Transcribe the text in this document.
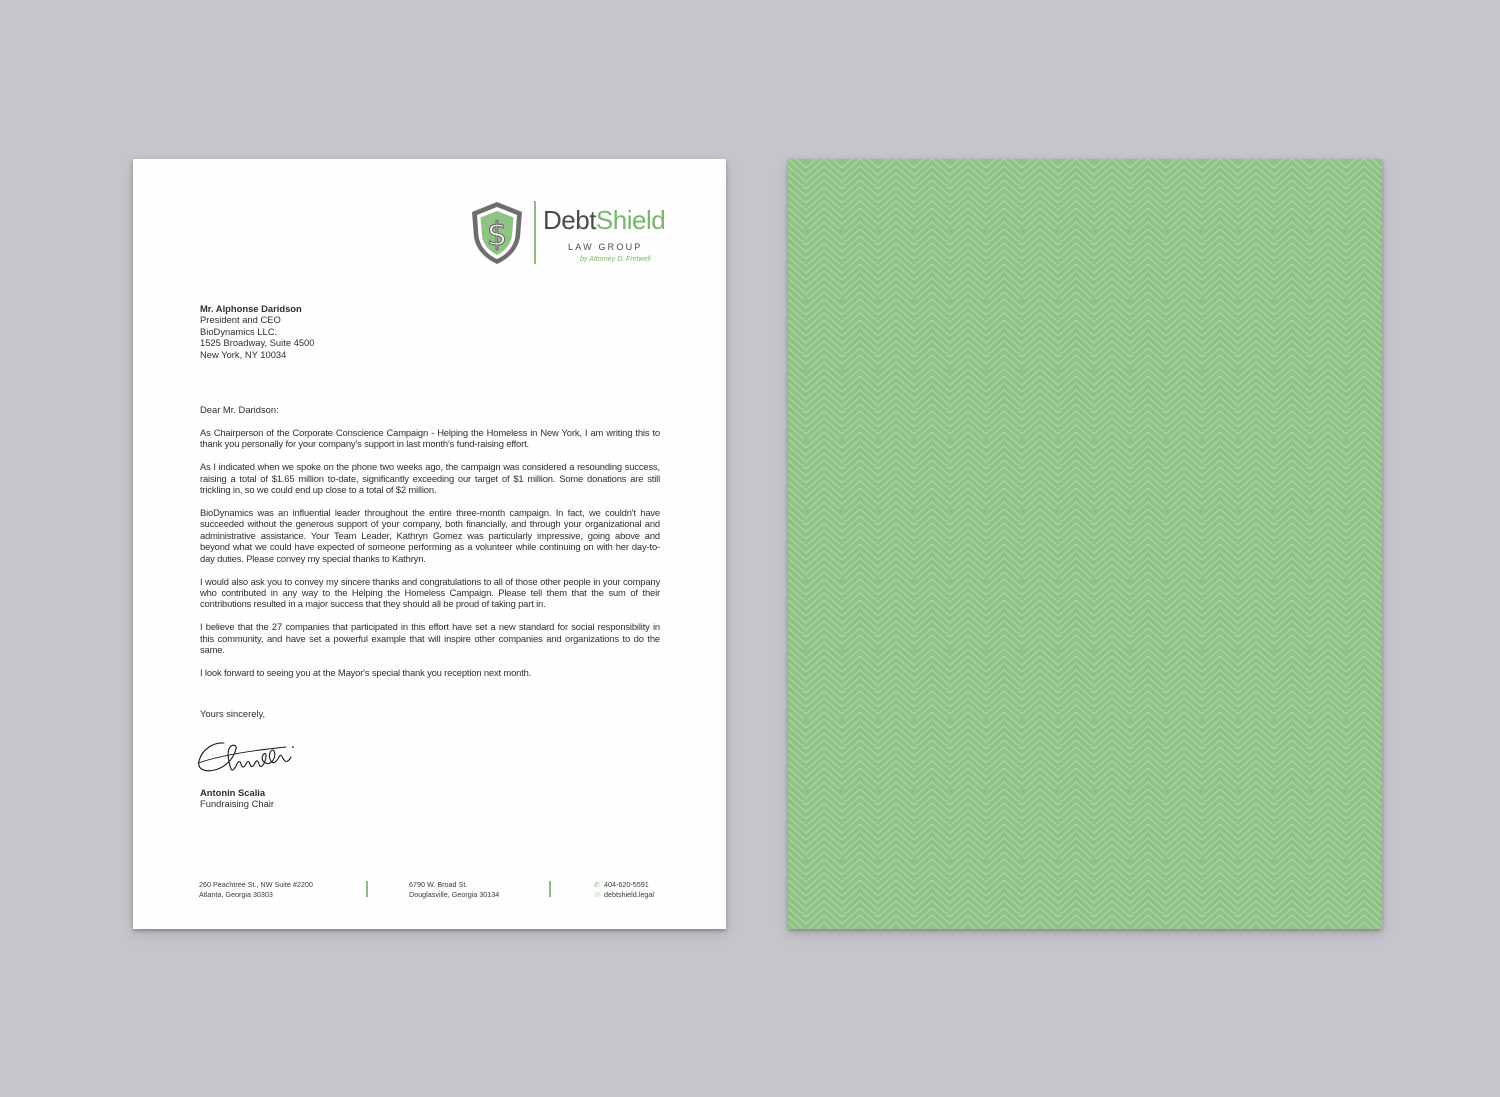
$ DebtShield
LAW GROUP
by Attorney D. Fretwell
Mr. Alphonse Daridson
President and CEO
BioDynamics LLC.
1525 Broadway, Suite 4500
New York, NY 10034
Dear Mr. Daridson:

As Chairperson of the Corporate Conscience Campaign - Helping the Homeless in New York, I am writing this to thank you personally for your company's support in last month's fund-raising effort.

As I indicated when we spoke on the phone two weeks ago, the campaign was considered a resounding success, raising a total of $1.65 million to-date, significantly exceeding our target of $1 million. Some donations are still trickling in, so we could end up close to a total of $2 million.

BioDynamics was an influential leader throughout the entire three-month campaign. In fact, we couldn't have succeeded without the generous support of your company, both financially, and through your organizational and administrative assistance. Your Team Leader, Kathryn Gomez was particularly impressive, going above and beyond what we could have expected of someone performing as a volunteer while continuing on with her day-to-day duties. Please convey my special thanks to Kathryn.

I would also ask you to convey my sincere thanks and congratulations to all of those other people in your company who contributed in any way to the Helping the Homeless Campaign. Please tell them that the sum of their contributions resulted in a major success that they should all be proud of taking part in.

I believe that the 27 companies that participated in this effort have set a new standard for social responsibility in this community, and have set a powerful example that will inspire other companies and organizations to do the same.

I look forward to seeing you at the Mayor's special thank you reception next month.

Yours sincerely,
Antonin Scalia
Fundraising Chair
260 Peachtree St., NW Suite #2200
Atlanta, Georgia 30303
6790 W. Broad St.
Douglasville, Georgia 30134
✆ 404-620-5591
☉ debtshield.legal
